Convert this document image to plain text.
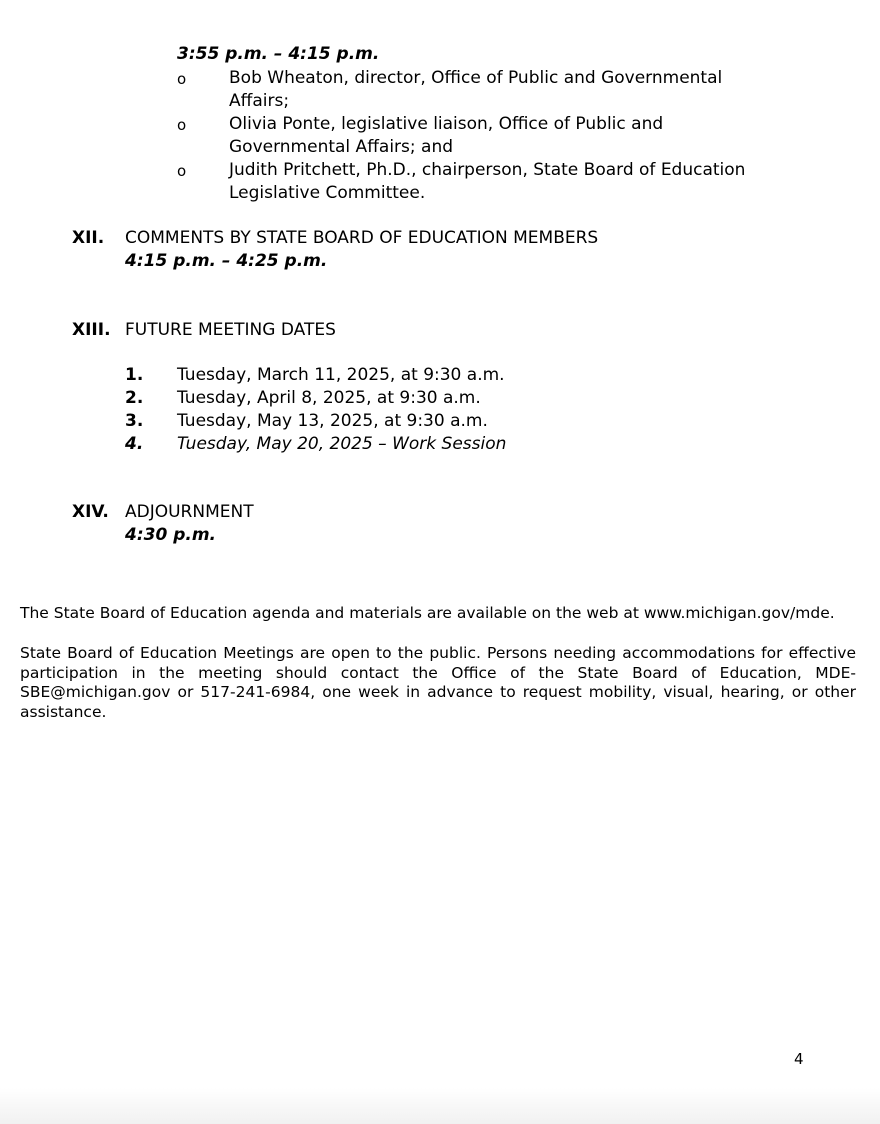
3:55 p.m. – 4:15 p.m.
o	Bob Wheaton, director, Office of Public and Governmental
Affairs;
o	Olivia Ponte, legislative liaison, Office of Public and
Governmental Affairs; and
o	Judith Pritchett, Ph.D., chairperson, State Board of Education
Legislative Committee.
XII. COMMENTS BY STATE BOARD OF EDUCATION MEMBERS
4:15 p.m. – 4:25 p.m.
XIII. FUTURE MEETING DATES
1. Tuesday, March 11, 2025, at 9:30 a.m.
2. Tuesday, April 8, 2025, at 9:30 a.m.
3. Tuesday, May 13, 2025, at 9:30 a.m.
4. Tuesday, May 20, 2025 – Work Session
XIV. ADJOURNMENT
4:30 p.m.
The State Board of Education agenda and materials are available on the web at www.michigan.gov/mde.
State Board of Education Meetings are open to the public. Persons needing accommodations for effective participation in the meeting should contact the Office of the State Board of Education, MDE-SBE@michigan.gov or 517-241-6984, one week in advance to request mobility, visual, hearing, or other assistance.
4
